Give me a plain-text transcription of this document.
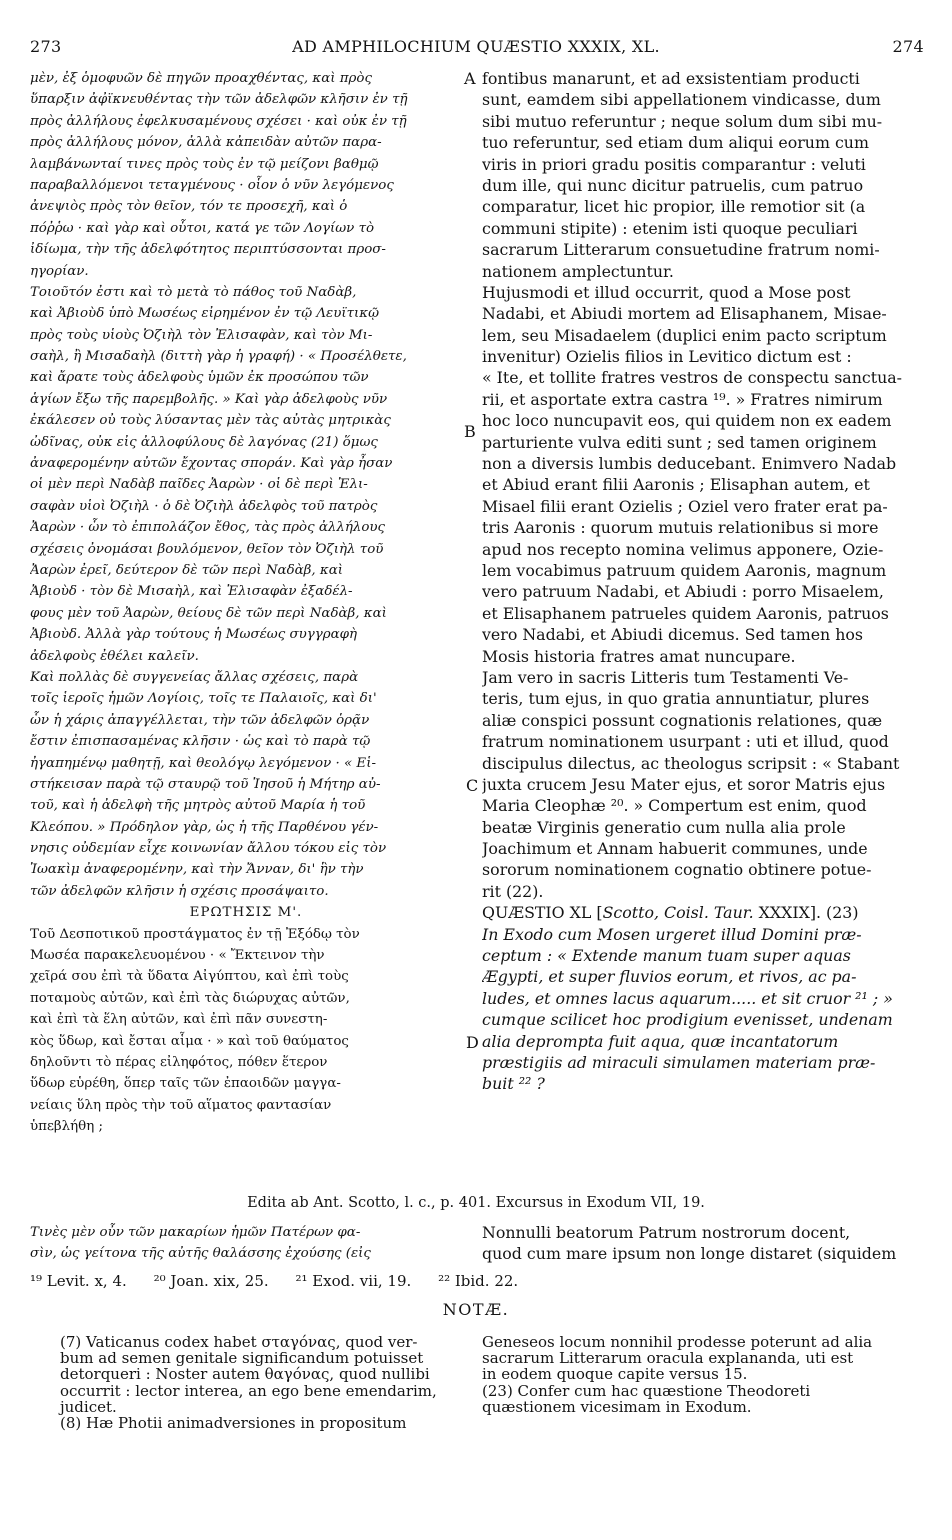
273	AD AMPHILOCHIUM QUÆSTIO XXXIX, XL.	274
μὲν, ἐξ ὁμοφυῶν δὲ πηγῶν προαχθέντας, καὶ πρὸς
ὕπαρξιν ἀφ̓ϊκνευθέντας τὴν τῶν ἀδελφῶν κλῆσιν ἐν τῇ
πρὸς ἀλλήλους ἐφελκυσαμένους σχέσει · καὶ οὐκ ἐν τῇ
πρὸς ἀλλήλους μόνον, ἀλλὰ κἀπειδὰν αὐτῶν παρα-
λαμβάνωνταί τινες πρὸς τοὺς ἐν τῷ μείζονι βαθμῷ
παραβαλλόμενοι τεταγμένους · οἷον ὁ νῦν λεγόμενος
ἀνεψιὸς πρὸς τὸν θεῖον, τόν τε προσεχῆ, καὶ ὁ
πόῤῥω · καὶ γὰρ καὶ οὗτοι, κατά γε τῶν Λογίων τὸ
ἰδίωμα, τὴν τῆς ἀδελφότητος περιπτύσσονται προσ-
ηγορίαν.
Τοιοῦτόν ἐστι καὶ τὸ μετὰ τὸ πάθος τοῦ Ναδὰβ,
καὶ Ἀβιοὺδ ὑπὸ Μωσέως εἰρημένον ἐν τῷ Λευϊτικῷ
πρὸς τοὺς υἱοὺς Ὀζιὴλ τὸν Ἐλισαφὰν, καὶ τὸν Μι-
σαὴλ, ἢ Μισαδαὴλ (διττὴ γὰρ ἡ γραφή) · « Προσέλθετε,
καὶ ἄρατε τοὺς ἀδελφοὺς ὑμῶν ἐκ προσώπου τῶν
ἁγίων ἔξω τῆς παρεμβολῆς. » Καὶ γὰρ ἀδελφοὺς νῦν
ἐκάλεσεν οὐ τοὺς λύσαντας μὲν τὰς αὐτὰς μητρικὰς
ὠδῖνας, οὐκ εἰς ἀλλοφύλους δὲ λαγόνας (21) ὅμως
ἀναφερομένην αὐτῶν ἔχοντας σποράν. Καὶ γὰρ ἦσαν
οἱ μὲν περὶ Ναδὰβ παῖδες Ἀαρὼν · οἱ δὲ περὶ Ἐλι-
σαφὰν υἱοὶ Ὀζιὴλ · ὁ δὲ Ὀζιὴλ ἀδελφὸς τοῦ πατρὸς
Ἀαρὼν · ὧν τὸ ἐπιπολάζον ἔθος, τὰς πρὸς ἀλλήλους
σχέσεις ὀνομάσαι βουλόμενον, θεῖον τὸν Ὀζιὴλ τοῦ
Ἀαρὼν ἐρεῖ, δεύτερον δὲ τῶν περὶ Ναδὰβ, καὶ
Ἀβιοὺδ · τὸν δὲ Μισαὴλ, καὶ Ἐλισαφὰν ἐξαδέλ-
φους μὲν τοῦ Ἀαρὼν, θείους δὲ τῶν περὶ Ναδὰβ, καὶ
Ἀβιοὺδ. Ἀλλὰ γὰρ τούτους ἡ Μωσέως συγγραφὴ
ἀδελφοὺς ἐθέλει καλεῖν.
Καὶ πολλὰς δὲ συγγενείας ἄλλας σχέσεις, παρὰ
τοῖς ἱεροῖς ἡμῶν Λογίοις, τοῖς τε Παλαιοῖς, καὶ δι'
ὧν ἡ χάρις ἀπαγγέλλεται, τὴν τῶν ἀδελφῶν ὁρᾷν
ἔστιν ἐπισπασαμένας κλῆσιν · ὡς καὶ τὸ παρὰ τῷ
ἠγαπημένῳ μαθητῇ, καὶ θεολόγῳ λεγόμενον · « Εἱ-
στήκεισαν παρὰ τῷ σταυρῷ τοῦ Ἰησοῦ ἡ Μήτηρ αὐ-
τοῦ, καὶ ἡ ἀδελφὴ τῆς μητρὸς αὐτοῦ Μαρία ἡ τοῦ
Κλεόπου. » Πρόδηλον γὰρ, ὡς ἡ τῆς Παρθένου γέν-
νησις οὐδεμίαν εἶχε κοινωνίαν ἄλλου τόκου εἰς τὸν
Ἰωακὶμ ἀναφερομένην, καὶ τὴν Ἄνναν, δι' ἣν τὴν
τῶν ἀδελφῶν κλῆσιν ἡ σχέσις προσάψαιτο.
ΕΡΩΤΗΣΙΣ Μ'.
Τοῦ Δεσποτικοῦ προστάγματος ἐν τῇ Ἐξόδῳ τὸν
Μωσέα παρακελευομένου · « Ἔκτεινον τὴν
χεῖρά σου ἐπὶ τὰ ὕδατα Αἰγύπτου, καὶ ἐπὶ τοὺς
ποταμοὺς αὐτῶν, καὶ ἐπὶ τὰς διώρυχας αὐτῶν,
καὶ ἐπὶ τὰ ἕλη αὐτῶν, καὶ ἐπὶ πᾶν συνεστη-
κὸς ὕδωρ, καὶ ἔσται αἷμα · » καὶ τοῦ θαύματος
δηλοῦντι τὸ πέρας εἰληφότος, πόθεν ἕτερον
ὕδωρ εὑρέθη, ὅπερ ταῖς τῶν ἐπαοιδῶν μαγγα-
νείαις ὕλη πρὸς τὴν τοῦ αἵματος φαντασίαν
ὑπεβλήθη ;
A
B
C
D
fontibus manarunt, et ad exsistentiam producti
sunt, eamdem sibi appellationem vindicasse, dum
sibi mutuo referuntur ; neque solum dum sibi mu-
tuo referuntur, sed etiam dum aliqui eorum cum
viris in priori gradu positis comparantur : veluti
dum ille, qui nunc dicitur patruelis, cum patruo
comparatur, licet hic propior, ille remotior sit (a
communi stipite) : etenim isti quoque peculiari
sacrarum Litterarum consuetudine fratrum nomi-
nationem amplectuntur.
Hujusmodi et illud occurrit, quod a Mose post
Nadabi, et Abiudi mortem ad Elisaphanem, Misae-
lem, seu Misadaelem (duplici enim pacto scriptum
invenitur) Ozielis filios in Levitico dictum est :
« Ite, et tollite fratres vestros de conspectu sanctua-
rii, et asportate extra castra ¹⁹. » Fratres nimirum
hoc loco nuncupavit eos, qui quidem non ex eadem
parturiente vulva editi sunt ; sed tamen originem
non a diversis lumbis deducebant. Enimvero Nadab
et Abiud erant filii Aaronis ; Elisaphan autem, et
Misael filii erant Ozielis ; Oziel vero frater erat pa-
tris Aaronis : quorum mutuis relationibus si more
apud nos recepto nomina velimus apponere, Ozie-
lem vocabimus patruum quidem Aaronis, magnum
vero patruum Nadabi, et Abiudi : porro Misaelem,
et Elisaphanem patrueles quidem Aaronis, patruos
vero Nadabi, et Abiudi dicemus. Sed tamen hos
Mosis historia fratres amat nuncupare.
Jam vero in sacris Litteris tum Testamenti Ve-
teris, tum ejus, in quo gratia annuntiatur, plures
aliæ conspici possunt cognationis relationes, quæ
fratrum nominationem usurpant : uti et illud, quod
discipulus dilectus, ac theologus scripsit : « Stabant
juxta crucem Jesu Mater ejus, et soror Matris ejus
Maria Cleophæ ²⁰. » Compertum est enim, quod
beatæ Virginis generatio cum nulla alia prole
Joachimum et Annam habuerit communes, unde
sororum nominationem cognatio obtinere potue-
rit (22).
QUÆSTIO XL [Scotto, Coisl. Taur. XXXIX]. (23)
In Exodo cum Mosen urgeret illud Domini præ-
ceptum : « Extende manum tuam super aquas
Ægypti, et super fluvios eorum, et rivos, ac pa-
ludes, et omnes lacus aquarum..... et sit cruor ²¹ ; »
cumque scilicet hoc prodigium evenisset, undenam
alia deprompta fuit aqua, quæ incantatorum
præstigiis ad miraculi simulamen materiam præ-
buit ²² ?
Edita ab Ant. Scotto, l. c., p. 401. Excursus in Exodum VII, 19.
Τινὲς μὲν οὖν τῶν μακαρίων ἡμῶν Πατέρων φα-
σὶν, ὡς γείτονα τῆς αὐτῆς θαλάσσης ἐχούσης (εἰς
Nonnulli beatorum Patrum nostrorum docent,
quod cum mare ipsum non longe distaret (siquidem
¹⁹ Levit. x, 4. ²⁰ Joan. xix, 25. ²¹ Exod. vii, 19. ²² Ibid. 22.
NOTÆ.
(7) Vaticanus codex habet σταγόνας, quod ver-
bum ad semen genitale significandum potuisset
detorqueri : Noster autem θαγόνας, quod nullibi
occurrit : lector interea, an ego bene emendarim,
judicet.
(8) Hæ Photii animadversiones in propositum
Geneseos locum nonnihil prodesse poterunt ad alia
sacrarum Litterarum oracula explananda, uti est
in eodem quoque capite versus 15.
(23) Confer cum hac quæstione Theodoreti
quæstionem vicesimam in Exodum.
